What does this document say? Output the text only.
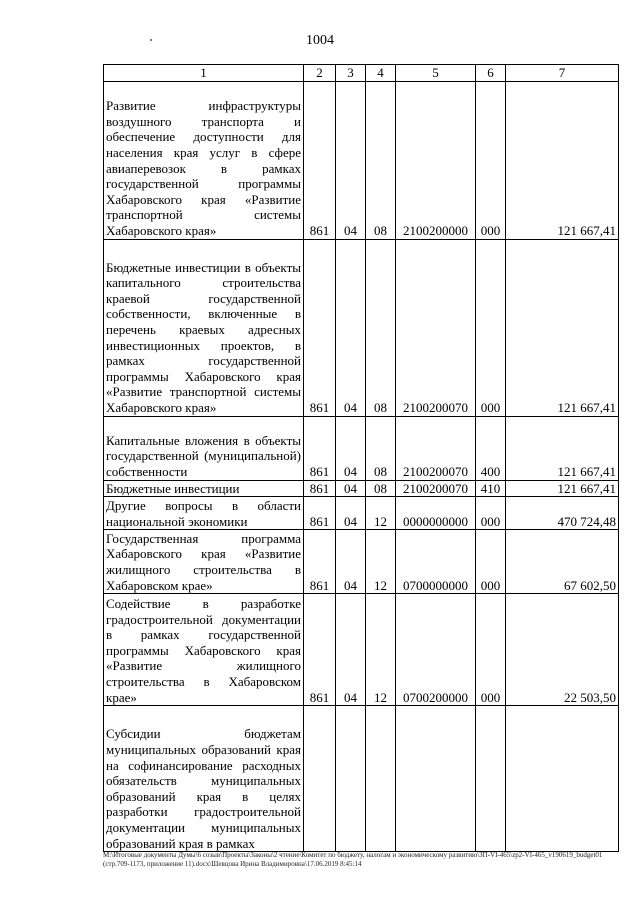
1004
1	2	3	4	5	6	7
Развитие инфраструктуры воздушного транспорта и обеспечение доступности для населения края услуг в сфере авиаперевозок в рамках государственной программы Хабаровского края «Развитие транспортной системы Хабаровского края»	861	04	08	2100200000	000	121 667,41
Бюджетные инвестиции в объекты капитального строительства краевой государственной собственности, включенные в перечень краевых адресных инвестиционных проектов, в рамках государственной программы Хабаровского края «Развитие транспортной системы Хабаровского края»	861	04	08	2100200070	000	121 667,41
Капитальные вложения в объекты государственной (муниципальной) собственности	861	04	08	2100200070	400	121 667,41
Бюджетные инвестиции	861	04	08	2100200070	410	121 667,41
Другие вопросы в области национальной экономики	861	04	12	0000000000	000	470 724,48
Государственная программа Хабаровского края «Развитие жилищного строительства в Хабаровском крае»	861	04	12	0700000000	000	67 602,50
Содействие в разработке градостроительной документации в рамках государственной программы Хабаровского края «Развитие жилищного строительства в Хабаровском крае»	861	04	12	0700200000	000	22 503,50
Субсидии бюджетам муниципальных образований края на софинансирование расходных обязательств муниципальных образований края в целях разработки градостроительной документации муниципальных образований края в рамках						
М:\Итоговые документы Думы\6 созыв\Проекты\Законы\2 чтение\Комитет по бюджету, налогам и экономическому развитию\ЗП-VI-465\zp2-VI-465_v190619_budget01 (стр.709-1173, приложение 11).docx\Шевцова Ирина Владимировна\17.06.2019 8:45:14
